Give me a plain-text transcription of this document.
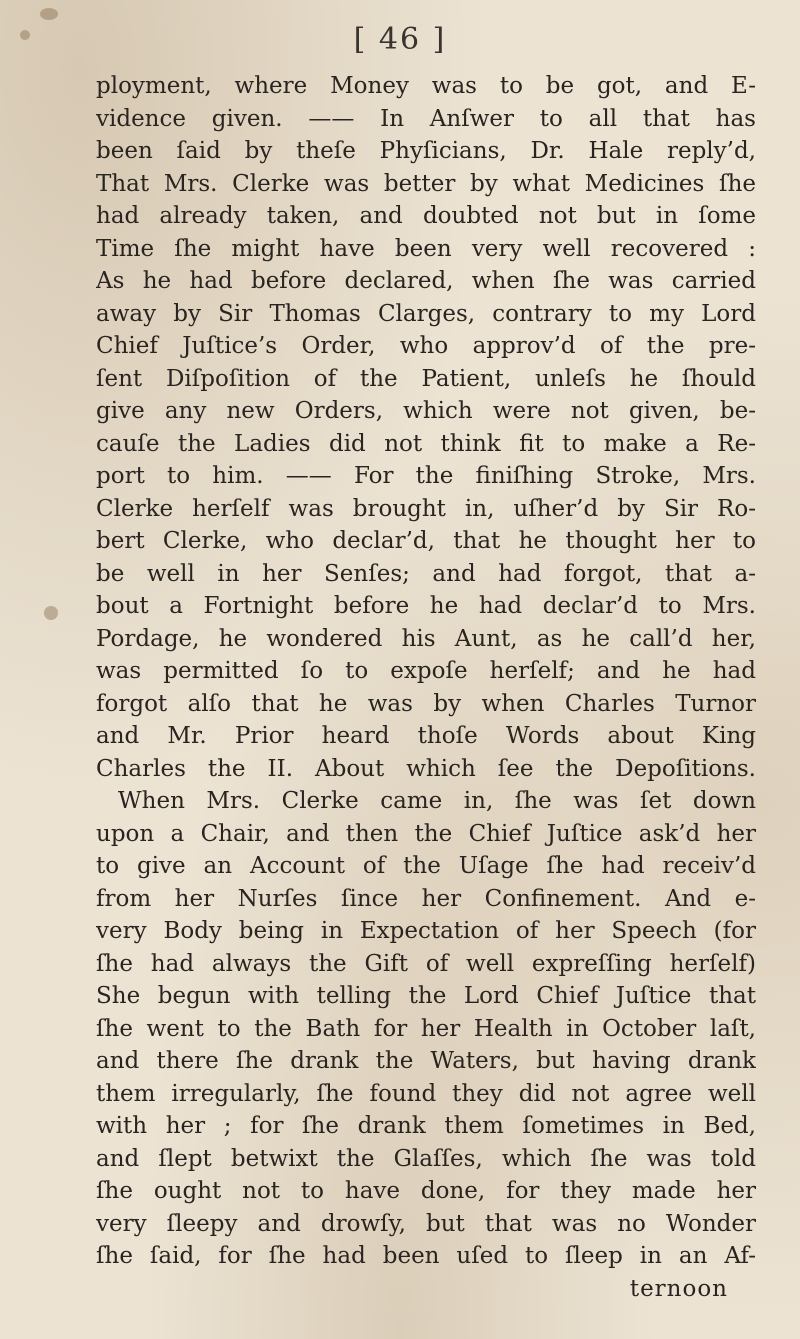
[ 46 ]
ployment, where Money was to be got, and E-
vidence given. —— In Anſwer to all that has
been ſaid by theſe Phyſicians, Dr. Hale reply’d,
That Mrs. Clerke was better by what Medicines ſhe
had already taken, and doubted not but in ſome
Time ſhe might have been very well recovered :
As he had before declared, when ſhe was carried
away by Sir Thomas Clarges, contrary to my Lord
Chief Juſtice’s Order, who approv’d of the pre-
ſent Diſpoſition of the Patient, unleſs he ſhould
give any new Orders, which were not given, be-
cauſe the Ladies did not think fit to make a Re-
port to him. —— For the finiſhing Stroke, Mrs.
Clerke herſelf was brought in, uſher’d by Sir Ro-
bert Clerke, who declar’d, that he thought her to
be well in her Senſes; and had forgot, that a-
bout a Fortnight before he had declar’d to Mrs.
Pordage, he wondered his Aunt, as he call’d her,
was permitted ſo to expoſe herſelf; and he had
forgot alſo that he was by when Charles Turnor
and Mr. Prior heard thoſe Words about King
Charles the II. About which ſee the Depoſitions.
When Mrs. Clerke came in, ſhe was ſet down
upon a Chair, and then the Chief Juſtice ask’d her
to give an Account of the Uſage ſhe had receiv’d
from her Nurſes ſince her Confinement. And e-
very Body being in Expectation of her Speech (for
ſhe had always the Gift of well expreſſing herſelf)
She begun with telling the Lord Chief Juſtice that
ſhe went to the Bath for her Health in October laſt,
and there ſhe drank the Waters, but having drank
them irregularly, ſhe found they did not agree well
with her ; for ſhe drank them ſometimes in Bed,
and ſlept betwixt the Glaſſes, which ſhe was told
ſhe ought not to have done, for they made her
very ſleepy and drowſy, but that was no Wonder
ſhe ſaid, for ſhe had been uſed to ſleep in an Af-
ternoon
